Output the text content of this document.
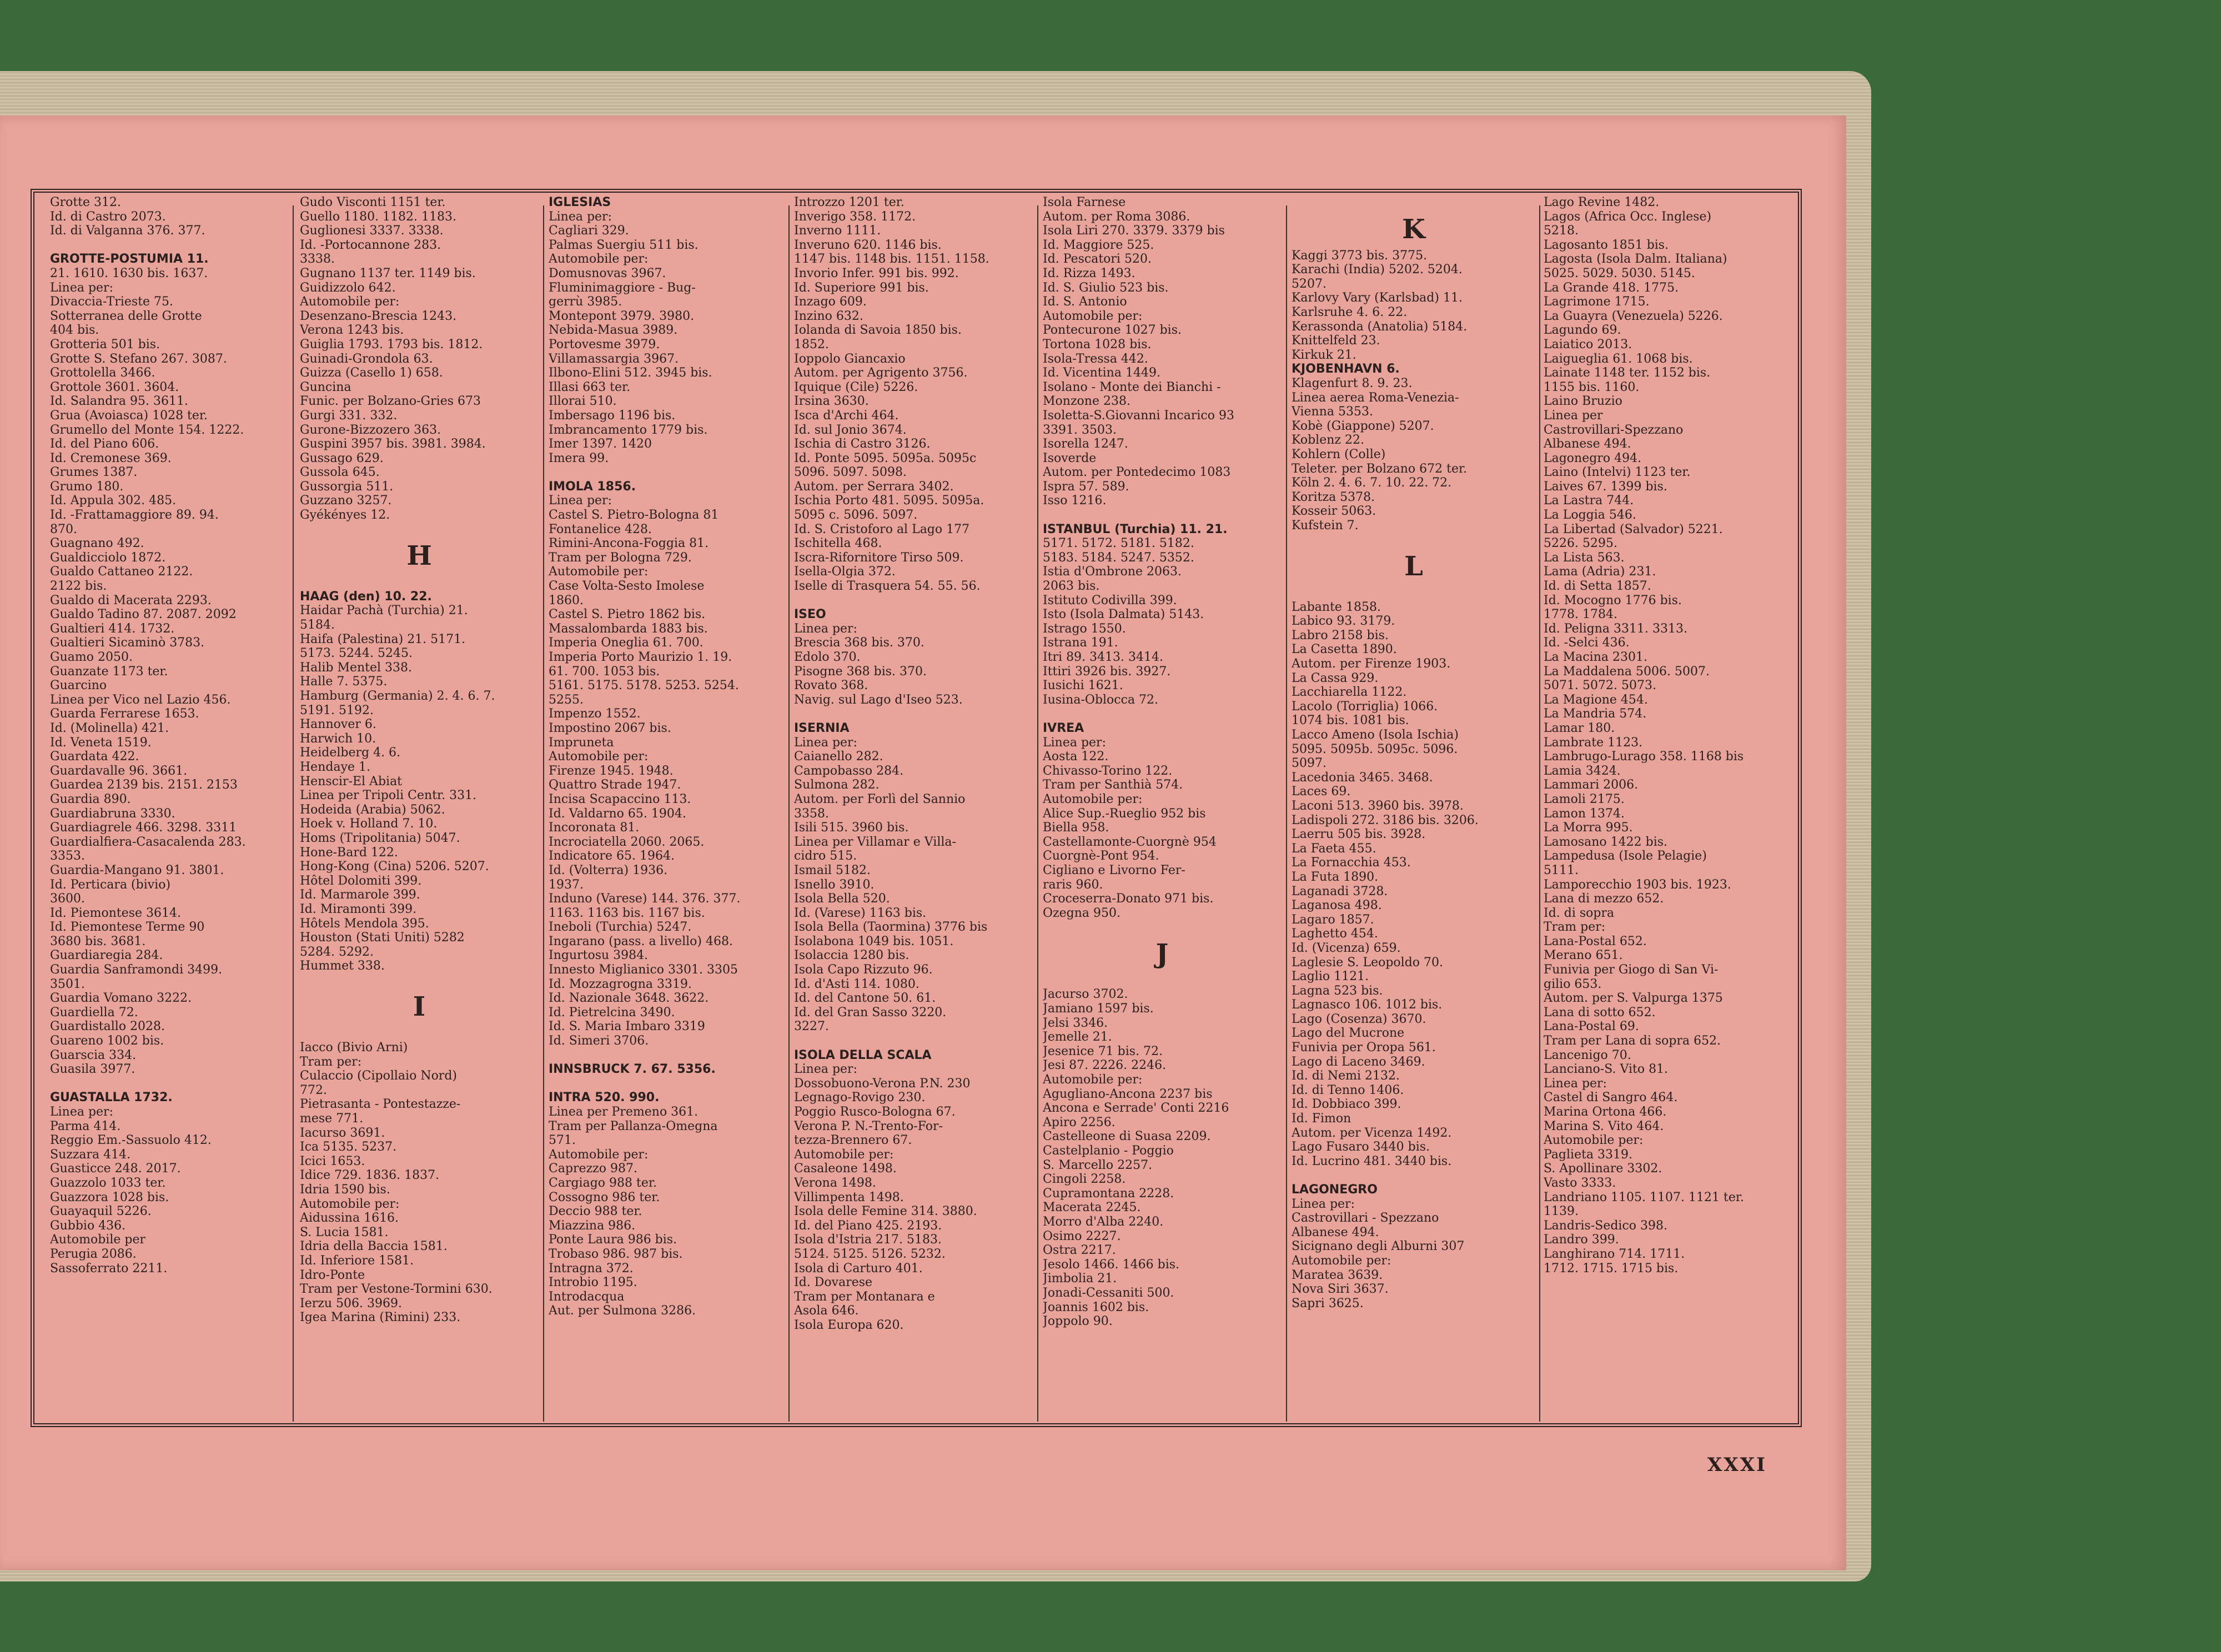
Grotte 312.
Id. di Castro 2073.
Id. di Valganna 376. 377.

GROTTE-POSTUMIA 11.
21. 1610. 1630 bis. 1637.
Linea per:
Divaccia-Trieste 75.
Sotterranea delle Grotte
404 bis.
Grotteria 501 bis.
Grotte S. Stefano 267. 3087.
Grottolella 3466.
Grottole 3601. 3604.
Id. Salandra 95. 3611.
Grua (Avoiasca) 1028 ter.
Grumello del Monte 154. 1222.
Id. del Piano 606.
Id. Cremonese 369.
Grumes 1387.
Grumo 180.
Id. Appula 302. 485.
Id. -Frattamaggiore 89. 94.
870.
Guagnano 492.
Gualdicciolo 1872.
Gualdo Cattaneo 2122.
2122 bis.
Gualdo di Macerata 2293.
Gualdo Tadino 87. 2087. 2092
Gualtieri 414. 1732.
Gualtieri Sicaminò 3783.
Guamo 2050.
Guanzate 1173 ter.
Guarcino
Linea per Vico nel Lazio 456.
Guarda Ferrarese 1653.
Id. (Molinella) 421.
Id. Veneta 1519.
Guardata 422.
Guardavalle 96. 3661.
Guardea 2139 bis. 2151. 2153
Guardia 890.
Guardiabruna 3330.
Guardiagrele 466. 3298. 3311
Guardialfiera-Casacalenda 283.
3353.
Guardia-Mangano 91. 3801.
Id. Perticara (bivio)
3600.
Id. Piemontese 3614.
Id. Piemontese Terme 90
3680 bis. 3681.
Guardiaregia 284.
Guardia Sanframondi 3499.
3501.
Guardia Vomano 3222.
Guardiella 72.
Guardistallo 2028.
Guareno 1002 bis.
Guarscia 334.
Guasila 3977.

GUASTALLA 1732.
Linea per:
Parma 414.
Reggio Em.-Sassuolo 412.
Suzzara 414.
Guasticce 248. 2017.
Guazzolo 1033 ter.
Guazzora 1028 bis.
Guayaquil 5226.
Gubbio 436.
Automobile per
Perugia 2086.
Sassoferrato 2211.
Gudo Visconti 1151 ter.
Guello 1180. 1182. 1183.
Guglionesi 3337. 3338.
Id. -Portocannone 283.
3338.
Gugnano 1137 ter. 1149 bis.
Guidizzolo 642.
Automobile per:
Desenzano-Brescia 1243.
Verona 1243 bis.
Guiglia 1793. 1793 bis. 1812.
Guinadi-Grondola 63.
Guizza (Casello 1) 658.
Guncina
Funic. per Bolzano-Gries 673
Gurgi 331. 332.
Gurone-Bizzozero 363.
Guspini 3957 bis. 3981. 3984.
Gussago 629.
Gussola 645.
Gussorgia 511.
Guzzano 3257.
Gyékényes 12.

H

HAAG (den) 10. 22.
Haidar Pachà (Turchia) 21.
5184.
Haifa (Palestina) 21. 5171.
5173. 5244. 5245.
Halib Mentel 338.
Halle 7. 5375.
Hamburg (Germania) 2. 4. 6. 7.
5191. 5192.
Hannover 6.
Harwich 10.
Heidelberg 4. 6.
Hendaye 1.
Henscir-El Abiat
Linea per Tripoli Centr. 331.
Hodeida (Arabia) 5062.
Hoek v. Holland 7. 10.
Homs (Tripolitania) 5047.
Hone-Bard 122.
Hong-Kong (Cina) 5206. 5207.
Hôtel Dolomiti 399.
Id. Marmarole 399.
Id. Miramonti 399.
Hôtels Mendola 395.
Houston (Stati Uniti) 5282
5284. 5292.
Hummet 338.

I

Iacco (Bivio Arni)
Tram per:
Culaccio (Cipollaio Nord)
772.
Pietrasanta - Pontestazze-
mese 771.
Iacurso 3691.
Ica 5135. 5237.
Icici 1653.
Idice 729. 1836. 1837.
Idria 1590 bis.
Automobile per:
Aidussina 1616.
S. Lucia 1581.
Idria della Baccia 1581.
Id. Inferiore 1581.
Idro-Ponte
Tram per Vestone-Tormini 630.
Ierzu 506. 3969.
Igea Marina (Rimini) 233.
IGLESIAS
Linea per:
Cagliari 329.
Palmas Suergiu 511 bis.
Automobile per:
Domusnovas 3967.
Fluminimaggiore - Bug-
gerrù 3985.
Montepont 3979. 3980.
Nebida-Masua 3989.
Portovesme 3979.
Villamassargia 3967.
Ilbono-Elini 512. 3945 bis.
Illasi 663 ter.
Illorai 510.
Imbersago 1196 bis.
Imbrancamento 1779 bis.
Imer 1397. 1420
Imera 99.

IMOLA 1856.
Linea per:
Castel S. Pietro-Bologna 81
Fontanelice 428.
Rimini-Ancona-Foggia 81.
Tram per Bologna 729.
Automobile per:
Case Volta-Sesto Imolese
1860.
Castel S. Pietro 1862 bis.
Massalombarda 1883 bis.
Imperia Oneglia 61. 700.
Imperia Porto Maurizio 1. 19.
61. 700. 1053 bis.
5161. 5175. 5178. 5253. 5254.
5255.
Impenzo 1552.
Impostino 2067 bis.
Impruneta
Automobile per:
Firenze 1945. 1948.
Quattro Strade 1947.
Incisa Scapaccino 113.
Id. Valdarno 65. 1904.
Incoronata 81.
Incrociatella 2060. 2065.
Indicatore 65. 1964.
Id. (Volterra) 1936.
1937.
Induno (Varese) 144. 376. 377.
1163. 1163 bis. 1167 bis.
Ineboli (Turchia) 5247.
Ingarano (pass. a livello) 468.
Ingurtosu 3984.
Innesto Miglianico 3301. 3305
Id. Mozzagrogna 3319.
Id. Nazionale 3648. 3622.
Id. Pietrelcina 3490.
Id. S. Maria Imbaro 3319
Id. Simeri 3706.

INNSBRUCK 7. 67. 5356.

INTRA 520. 990.
Linea per Premeno 361.
Tram per Pallanza-Omegna
571.
Automobile per:
Caprezzo 987.
Cargiago 988 ter.
Cossogno 986 ter.
Deccio 988 ter.
Miazzina 986.
Ponte Laura 986 bis.
Trobaso 986. 987 bis.
Intragna 372.
Introbio 1195.
Introdacqua
Aut. per Sulmona 3286.
Introzzo 1201 ter.
Inverigo 358. 1172.
Inverno 1111.
Inveruno 620. 1146 bis.
1147 bis. 1148 bis. 1151. 1158.
Invorio Infer. 991 bis. 992.
Id. Superiore 991 bis.
Inzago 609.
Inzino 632.
Iolanda di Savoia 1850 bis.
1852.
Ioppolo Giancaxio
Autom. per Agrigento 3756.
Iquique (Cile) 5226.
Irsina 3630.
Isca d'Archi 464.
Id. sul Jonio 3674.
Ischia di Castro 3126.
Id. Ponte 5095. 5095a. 5095c
5096. 5097. 5098.
Autom. per Serrara 3402.
Ischia Porto 481. 5095. 5095a.
5095 c. 5096. 5097.
Id. S. Cristoforo al Lago 177
Ischitella 468.
Iscra-Rifornitore Tirso 509.
Isella-Olgia 372.
Iselle di Trasquera 54. 55. 56.

ISEO
Linea per:
Brescia 368 bis. 370.
Edolo 370.
Pisogne 368 bis. 370.
Rovato 368.
Navig. sul Lago d'Iseo 523.

ISERNIA
Linea per:
Caianello 282.
Campobasso 284.
Sulmona 282.
Autom. per Forlì del Sannio
3358.
Isili 515. 3960 bis.
Linea per Villamar e Villa-
cidro 515.
Ismail 5182.
Isnello 3910.
Isola Bella 520.
Id. (Varese) 1163 bis.
Isola Bella (Taormina) 3776 bis
Isolabona 1049 bis. 1051.
Isolaccia 1280 bis.
Isola Capo Rizzuto 96.
Id. d'Asti 114. 1080.
Id. del Cantone 50. 61.
Id. del Gran Sasso 3220.
3227.

ISOLA DELLA SCALA
Linea per:
Dossobuono-Verona P.N. 230
Legnago-Rovigo 230.
Poggio Rusco-Bologna 67.
Verona P. N.-Trento-For-
tezza-Brennero 67.
Automobile per:
Casaleone 1498.
Verona 1498.
Villimpenta 1498.
Isola delle Femine 314. 3880.
Id. del Piano 425. 2193.
Isola d'Istria 217. 5183.
5124. 5125. 5126. 5232.
Isola di Carturo 401.
Id. Dovarese
Tram per Montanara e
Asola 646.
Isola Europa 620.
Isola Farnese
Autom. per Roma 3086.
Isola Liri 270. 3379. 3379 bis
Id. Maggiore 525.
Id. Pescatori 520.
Id. Rizza 1493.
Id. S. Giulio 523 bis.
Id. S. Antonio
Automobile per:
Pontecurone 1027 bis.
Tortona 1028 bis.
Isola-Tressa 442.
Id. Vicentina 1449.
Isolano - Monte dei Bianchi -
Monzone 238.
Isoletta-S.Giovanni Incarico 93
3391. 3503.
Isorella 1247.
Isoverde
Autom. per Pontedecimo 1083
Ispra 57. 589.
Isso 1216.

ISTANBUL (Turchia) 11. 21.
5171. 5172. 5181. 5182.
5183. 5184. 5247. 5352.
Istia d'Ombrone 2063.
2063 bis.
Istituto Codivilla 399.
Isto (Isola Dalmata) 5143.
Istrago 1550.
Istrana 191.
Itri 89. 3413. 3414.
Ittiri 3926 bis. 3927.
Iusichi 1621.
Iusina-Oblocca 72.

IVREA
Linea per:
Aosta 122.
Chivasso-Torino 122.
Tram per Santhià 574.
Automobile per:
Alice Sup.-Rueglio 952 bis
Biella 958.
Castellamonte-Cuorgnè 954
Cuorgnè-Pont 954.
Cigliano e Livorno Fer-
raris 960.
Croceserra-Donato 971 bis.
Ozegna 950.

J

Jacurso 3702.
Jamiano 1597 bis.
Jelsi 3346.
Jemelle 21.
Jesenice 71 bis. 72.
Jesi 87. 2226. 2246.
Automobile per:
Agugliano-Ancona 2237 bis
Ancona e Serrade' Conti 2216
Apiro 2256.
Castelleone di Suasa 2209.
Castelplanio - Poggio
S. Marcello 2257.
Cingoli 2258.
Cupramontana 2228.
Macerata 2245.
Morro d'Alba 2240.
Osimo 2227.
Ostra 2217.
Jesolo 1466. 1466 bis.
Jimbolia 21.
Jonadi-Cessaniti 500.
Joannis 1602 bis.
Joppolo 90.

K
Kaggi 3773 bis. 3775.
Karachi (India) 5202. 5204.
5207.
Karlovy Vary (Karlsbad) 11.
Karlsruhe 4. 6. 22.
Kerassonda (Anatolia) 5184.
Knittelfeld 23.
Kirkuk 21.
KJOBENHAVN 6.
Klagenfurt 8. 9. 23.
Linea aerea Roma-Venezia-
Vienna 5353.
Kobè (Giappone) 5207.
Koblenz 22.
Kohlern (Colle)
Teleter. per Bolzano 672 ter.
Köln 2. 4. 6. 7. 10. 22. 72.
Koritza 5378.
Kosseir 5063.
Kufstein 7.

L

Labante 1858.
Labico 93. 3179.
Labro 2158 bis.
La Casetta 1890.
Autom. per Firenze 1903.
La Cassa 929.
Lacchiarella 1122.
Lacolo (Torriglia) 1066.
1074 bis. 1081 bis.
Lacco Ameno (Isola Ischia)
5095. 5095b. 5095c. 5096.
5097.
Lacedonia 3465. 3468.
Laces 69.
Laconi 513. 3960 bis. 3978.
Ladispoli 272. 3186 bis. 3206.
Laerru 505 bis. 3928.
La Faeta 455.
La Fornacchia 453.
La Futa 1890.
Laganadi 3728.
Laganosa 498.
Lagaro 1857.
Laghetto 454.
Id. (Vicenza) 659.
Laglesie S. Leopoldo 70.
Laglio 1121.
Lagna 523 bis.
Lagnasco 106. 1012 bis.
Lago (Cosenza) 3670.
Lago del Mucrone
Funivia per Oropa 561.
Lago di Laceno 3469.
Id. di Nemi 2132.
Id. di Tenno 1406.
Id. Dobbiaco 399.
Id. Fimon
Autom. per Vicenza 1492.
Lago Fusaro 3440 bis.
Id. Lucrino 481. 3440 bis.

LAGONEGRO
Linea per:
Castrovillari - Spezzano
Albanese 494.
Sicignano degli Alburni 307
Automobile per:
Maratea 3639.
Nova Siri 3637.
Sapri 3625.
Lago Revine 1482.
Lagos (Africa Occ. Inglese)
5218.
Lagosanto 1851 bis.
Lagosta (Isola Dalm. Italiana)
5025. 5029. 5030. 5145.
La Grande 418. 1775.
Lagrimone 1715.
La Guayra (Venezuela) 5226.
Lagundo 69.
Laiatico 2013.
Laigueglia 61. 1068 bis.
Lainate 1148 ter. 1152 bis.
1155 bis. 1160.
Laino Bruzio
Linea per
Castrovillari-Spezzano
Albanese 494.
Lagonegro 494.
Laino (Intelvi) 1123 ter.
Laives 67. 1399 bis.
La Lastra 744.
La Loggia 546.
La Libertad (Salvador) 5221.
5226. 5295.
La Lista 563.
Lama (Adria) 231.
Id. di Setta 1857.
Id. Mocogno 1776 bis.
1778. 1784.
Id. Peligna 3311. 3313.
Id. -Selci 436.
La Macina 2301.
La Maddalena 5006. 5007.
5071. 5072. 5073.
La Magione 454.
La Mandria 574.
Lamar 180.
Lambrate 1123.
Lambrugo-Lurago 358. 1168 bis
Lamia 3424.
Lammari 2006.
Lamoli 2175.
Lamon 1374.
La Morra 995.
Lamosano 1422 bis.
Lampedusa (Isole Pelagie)
5111.
Lamporecchio 1903 bis. 1923.
Lana di mezzo 652.
Id. di sopra
Tram per:
Lana-Postal 652.
Merano 651.
Funivia per Giogo di San Vi-
gilio 653.
Autom. per S. Valpurga 1375
Lana di sotto 652.
Lana-Postal 69.
Tram per Lana di sopra 652.
Lancenigo 70.
Lanciano-S. Vito 81.
Linea per:
Castel di Sangro 464.
Marina Ortona 466.
Marina S. Vito 464.
Automobile per:
Paglieta 3319.
S. Apollinare 3302.
Vasto 3333.
Landriano 1105. 1107. 1121 ter.
1139.
Landris-Sedico 398.
Landro 399.
Langhirano 714. 1711.
1712. 1715. 1715 bis.
XXXI
